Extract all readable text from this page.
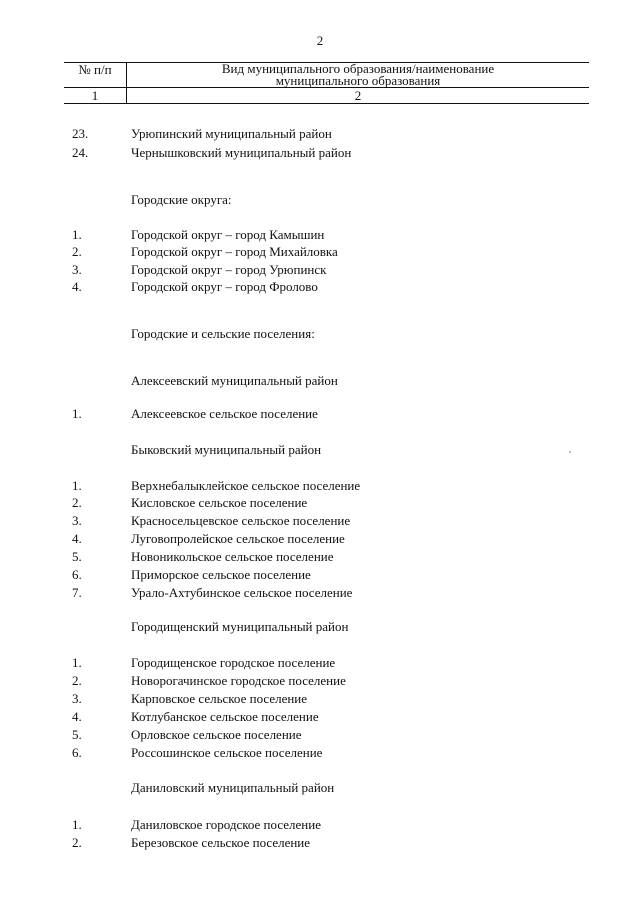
2
№ п/п	Вид муниципального образования/наименование муниципального образования
1	2
23.	Урюпинский муниципальный район
24.	Чернышковский муниципальный район
Городские округа:
1.	Городской округ – город Камышин
2.	Городской округ – город Михайловка
3.	Городской округ – город Урюпинск
4.	Городской округ – город Фролово
Городские и сельские поселения:
Алексеевский муниципальный район
1.	Алексеевское сельское поселение
Быковский муниципальный район
1.	Верхнебалыклейское сельское поселение
2.	Кисловское сельское поселение
3.	Красносельцевское сельское поселение
4.	Луговопролейское сельское поселение
5.	Новоникольское сельское поселение
6.	Приморское сельское поселение
7.	Урало-Ахтубинское сельское поселение
Городищенский муниципальный район
1.	Городищенское городское поселение
2.	Новорогачинское городское поселение
3.	Карповское сельское поселение
4.	Котлубанское сельское поселение
5.	Орловское сельское поселение
6.	Россошинское сельское поселение
Даниловский муниципальный район
1.	Даниловское городское поселение
2.	Березовское сельское поселение
